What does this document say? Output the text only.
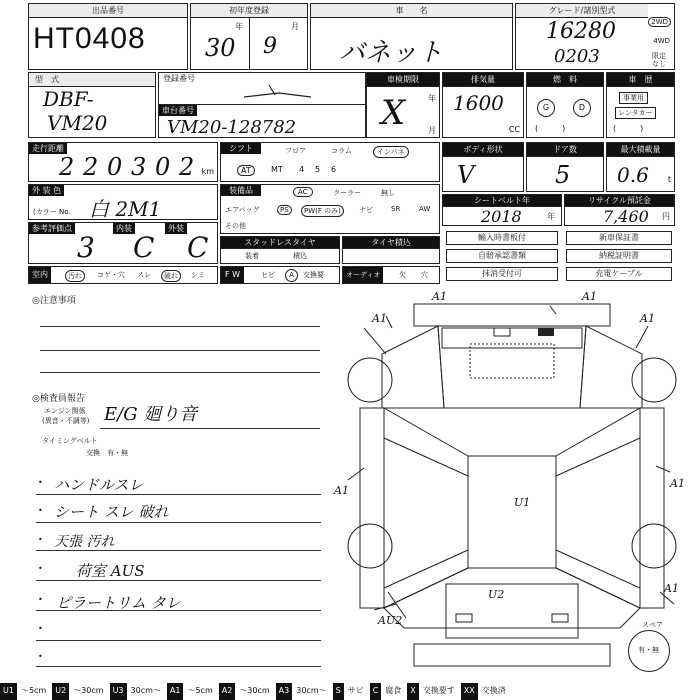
出品番号
HT0408
初年度登録
30
年
9
月
車　　名
バネット
グレード/諸別型式
16280
0203
2WD
4WD
限定なし
型　式
DBF-
VM20
登録番号
車台番号
VM20-128782
車検期限
X	年
月
排気量
1600
CC
燃　料
G	D
(　　　)
車　歴
事業用
レンタカー
(　　　)
走行距離
2 2 0 3 0 2 km
シフト	フロア	コラム	インパネ
AT	MT 4 5 6
ボディ形状
V
ドア数
5
最大積載量
0.6 t
外 装 色
(カラー No. 白 2M1
装備品	AC	クーラー	無し
エアバッグ	PS	PW(F のみ)	ナビ	SR	AW
その他
シートベルト年
2018	年
リサイクル預託金
7,460 円
参考評価点
3
内装
C
外装
C	スタッドレスタイヤ
装着	積込
タイヤ積込
輸入時書板付	新車保証書
自賠承認書類	納税証明書
抹消受付可	充電ケーブル
室内	汚れ	コゲ・穴 スレ	破れ	シミ	F W	ヒビ	A	交換要	オーディオ	欠 穴
◎注意事項
◎検査員報告
エンジン関係
(異音・不調等) E/G 廻り音
タイミングベルト
交換　有・無
• ハンドルスレ
• シート スレ 破れ
• 天張 汚れ
• 荷室 AUS
• ピラートリム タレ
•
•
A1	A1
A1	A1
A1
A1
A1
U1
U2
AU2	スペア
有・無
U1 〜5cm	U2 〜30cm	U3 30cm〜	A1 〜5cm	A2 〜30cm	A3 30cm〜	S サビ	C 腐食	X 交換要す	XX 交換済
